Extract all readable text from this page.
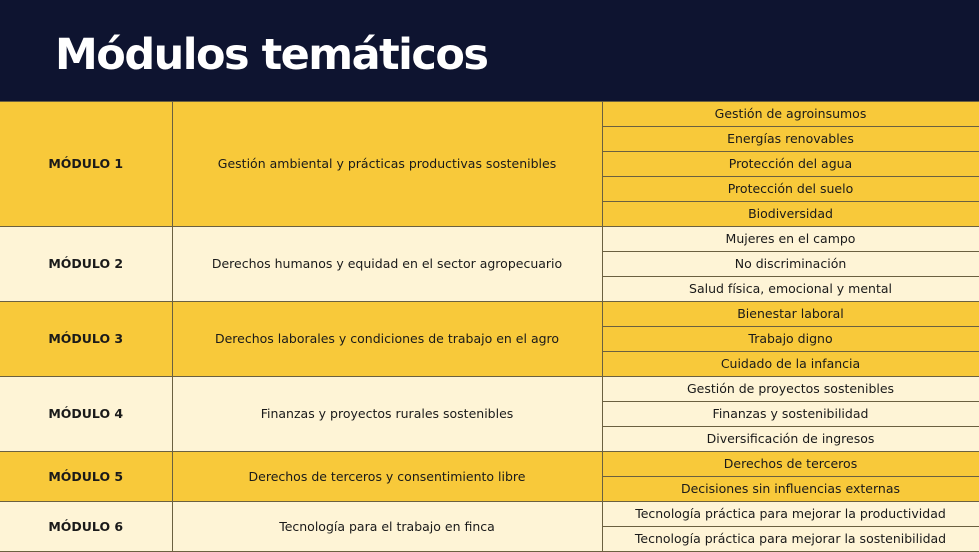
Módulos temáticos
MÓDULO 1	Gestión ambiental y prácticas productivas sostenibles	Gestión de agroinsumos
		Energías renovables
		Protección del agua
		Protección del suelo
		Biodiversidad
MÓDULO 2	Derechos humanos y equidad en el sector agropecuario	Mujeres en el campo
		No discriminación
		Salud física, emocional y mental
MÓDULO 3	Derechos laborales y condiciones de trabajo en el agro	Bienestar laboral
		Trabajo digno
		Cuidado de la infancia
MÓDULO 4	Finanzas y proyectos rurales sostenibles	Gestión de proyectos sostenibles
		Finanzas y sostenibilidad
		Diversificación de ingresos
MÓDULO 5	Derechos de terceros y consentimiento libre	Derechos de terceros
		Decisiones sin influencias externas
MÓDULO 6	Tecnología para el trabajo en finca	Tecnología práctica para mejorar la productividad
		Tecnología práctica para mejorar la sostenibilidad
